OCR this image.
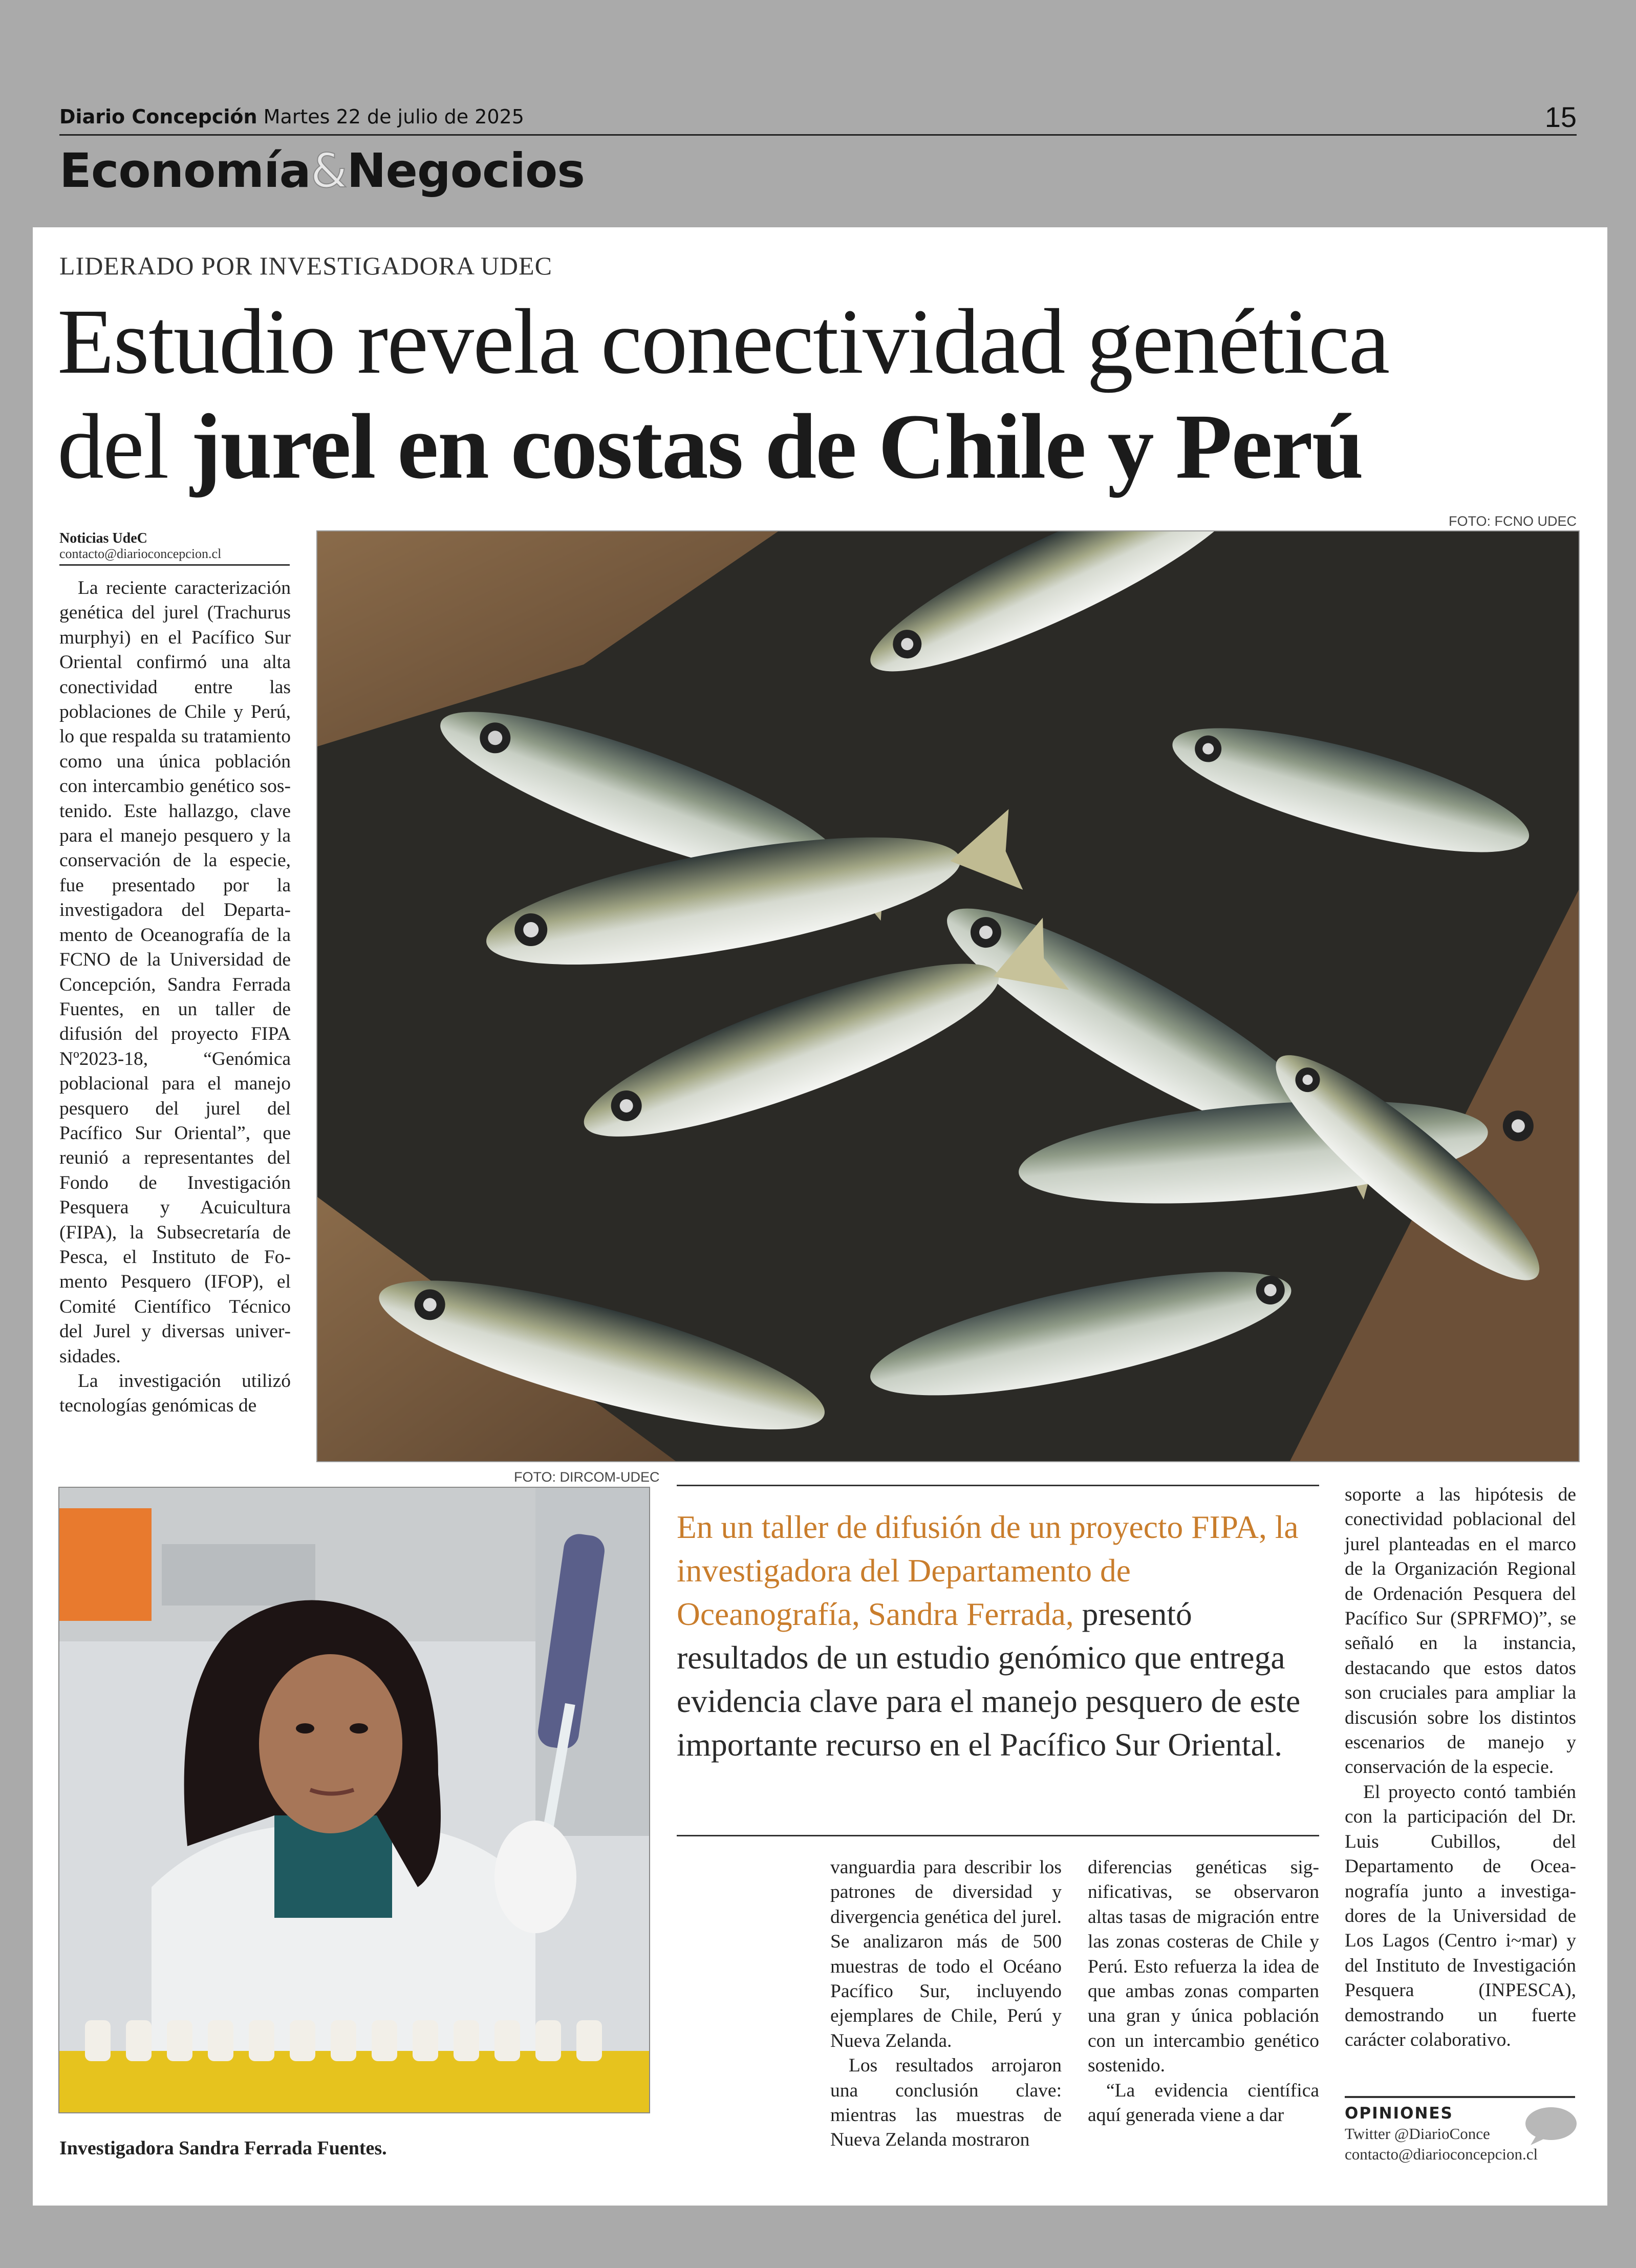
Diario Concepción Martes 22 de julio de 2025	15
Economía&Negocios
LIDERADO POR INVESTIGADORA UDEC
Estudio revela conectividad genética
del jurel en costas de Chile y Perú
Noticias UdeC
contacto@diarioconcepcion.cl

La reciente caracterización genética del jurel (Trachurus murphyi) en el Pacífico Sur Oriental confirmó una alta conectividad entre las poblaciones de Chile y Perú, lo que respalda su tratamiento como una única población con intercambio genético sostenido. Este hallazgo, clave para el manejo pesquero y la conservación de la especie, fue presentado por la investigadora del Departamento de Oceanografía de la FCNO de la Universidad de Concepción, Sandra Ferrada Fuentes, en un taller de difusión del proyecto FIPA Nº2023-18, “Genómica poblacional para el manejo pesquero del jurel del Pacífico Sur Oriental”, que reunió a representantes del Fondo de Investigación Pesquera y Acuicultura (FIPA), la Subsecretaría de Pesca, el Instituto de Fomento Pesquero (IFOP), el Comité Científico Técnico del Jurel y diversas universidades.

La investigación utilizó tecnologías genómicas de

FOTO: FCNO UDEC
FOTO: DIRCOM-UDEC
Investigadora Sandra Ferrada Fuentes.
En un taller de difusión de un proyecto FIPA, la investigadora del Departamento de Oceanografía, Sandra Ferrada, presentó resultados de un estudio genómico que entrega evidencia clave para el manejo pesquero de este importante recurso en el Pacífico Sur Oriental.

vanguardia para describir los patrones de diversidad y divergencia genética del jurel. Se analizaron más de 500 muestras de todo el Océano Pacífico Sur, incluyendo ejemplares de Chile, Perú y Nueva Zelanda.

Los resultados arrojaron una conclusión clave: mientras las muestras de Nueva Zelanda mostraron

diferencias genéticas significativas, se observaron altas tasas de migración entre las zonas costeras de Chile y Perú. Esto refuerza la idea de que ambas zonas comparten una gran y única población con un intercambio genético sostenido.

“La evidencia científica aquí generada viene a dar

soporte a las hipótesis de conectividad poblacional del jurel planteadas en el marco de la Organización Regional de Ordenación Pesquera del Pacífico Sur (SPRFMO)”, se señaló en la instancia, destacando que estos datos son cruciales para ampliar la discusión sobre los distintos escenarios de manejo y conservación de la especie.

El proyecto contó también con la participación del Dr. Luis Cubillos, del Departamento de Oceanografía junto a investigadores de la Universidad de Los Lagos (Centro i~mar) y del Instituto de Investigación Pesquera (INPESCA), demostrando un fuerte carácter colaborativo.

OPINIONES
Twitter @DiarioConce
contacto@diarioconcepcion.cl
